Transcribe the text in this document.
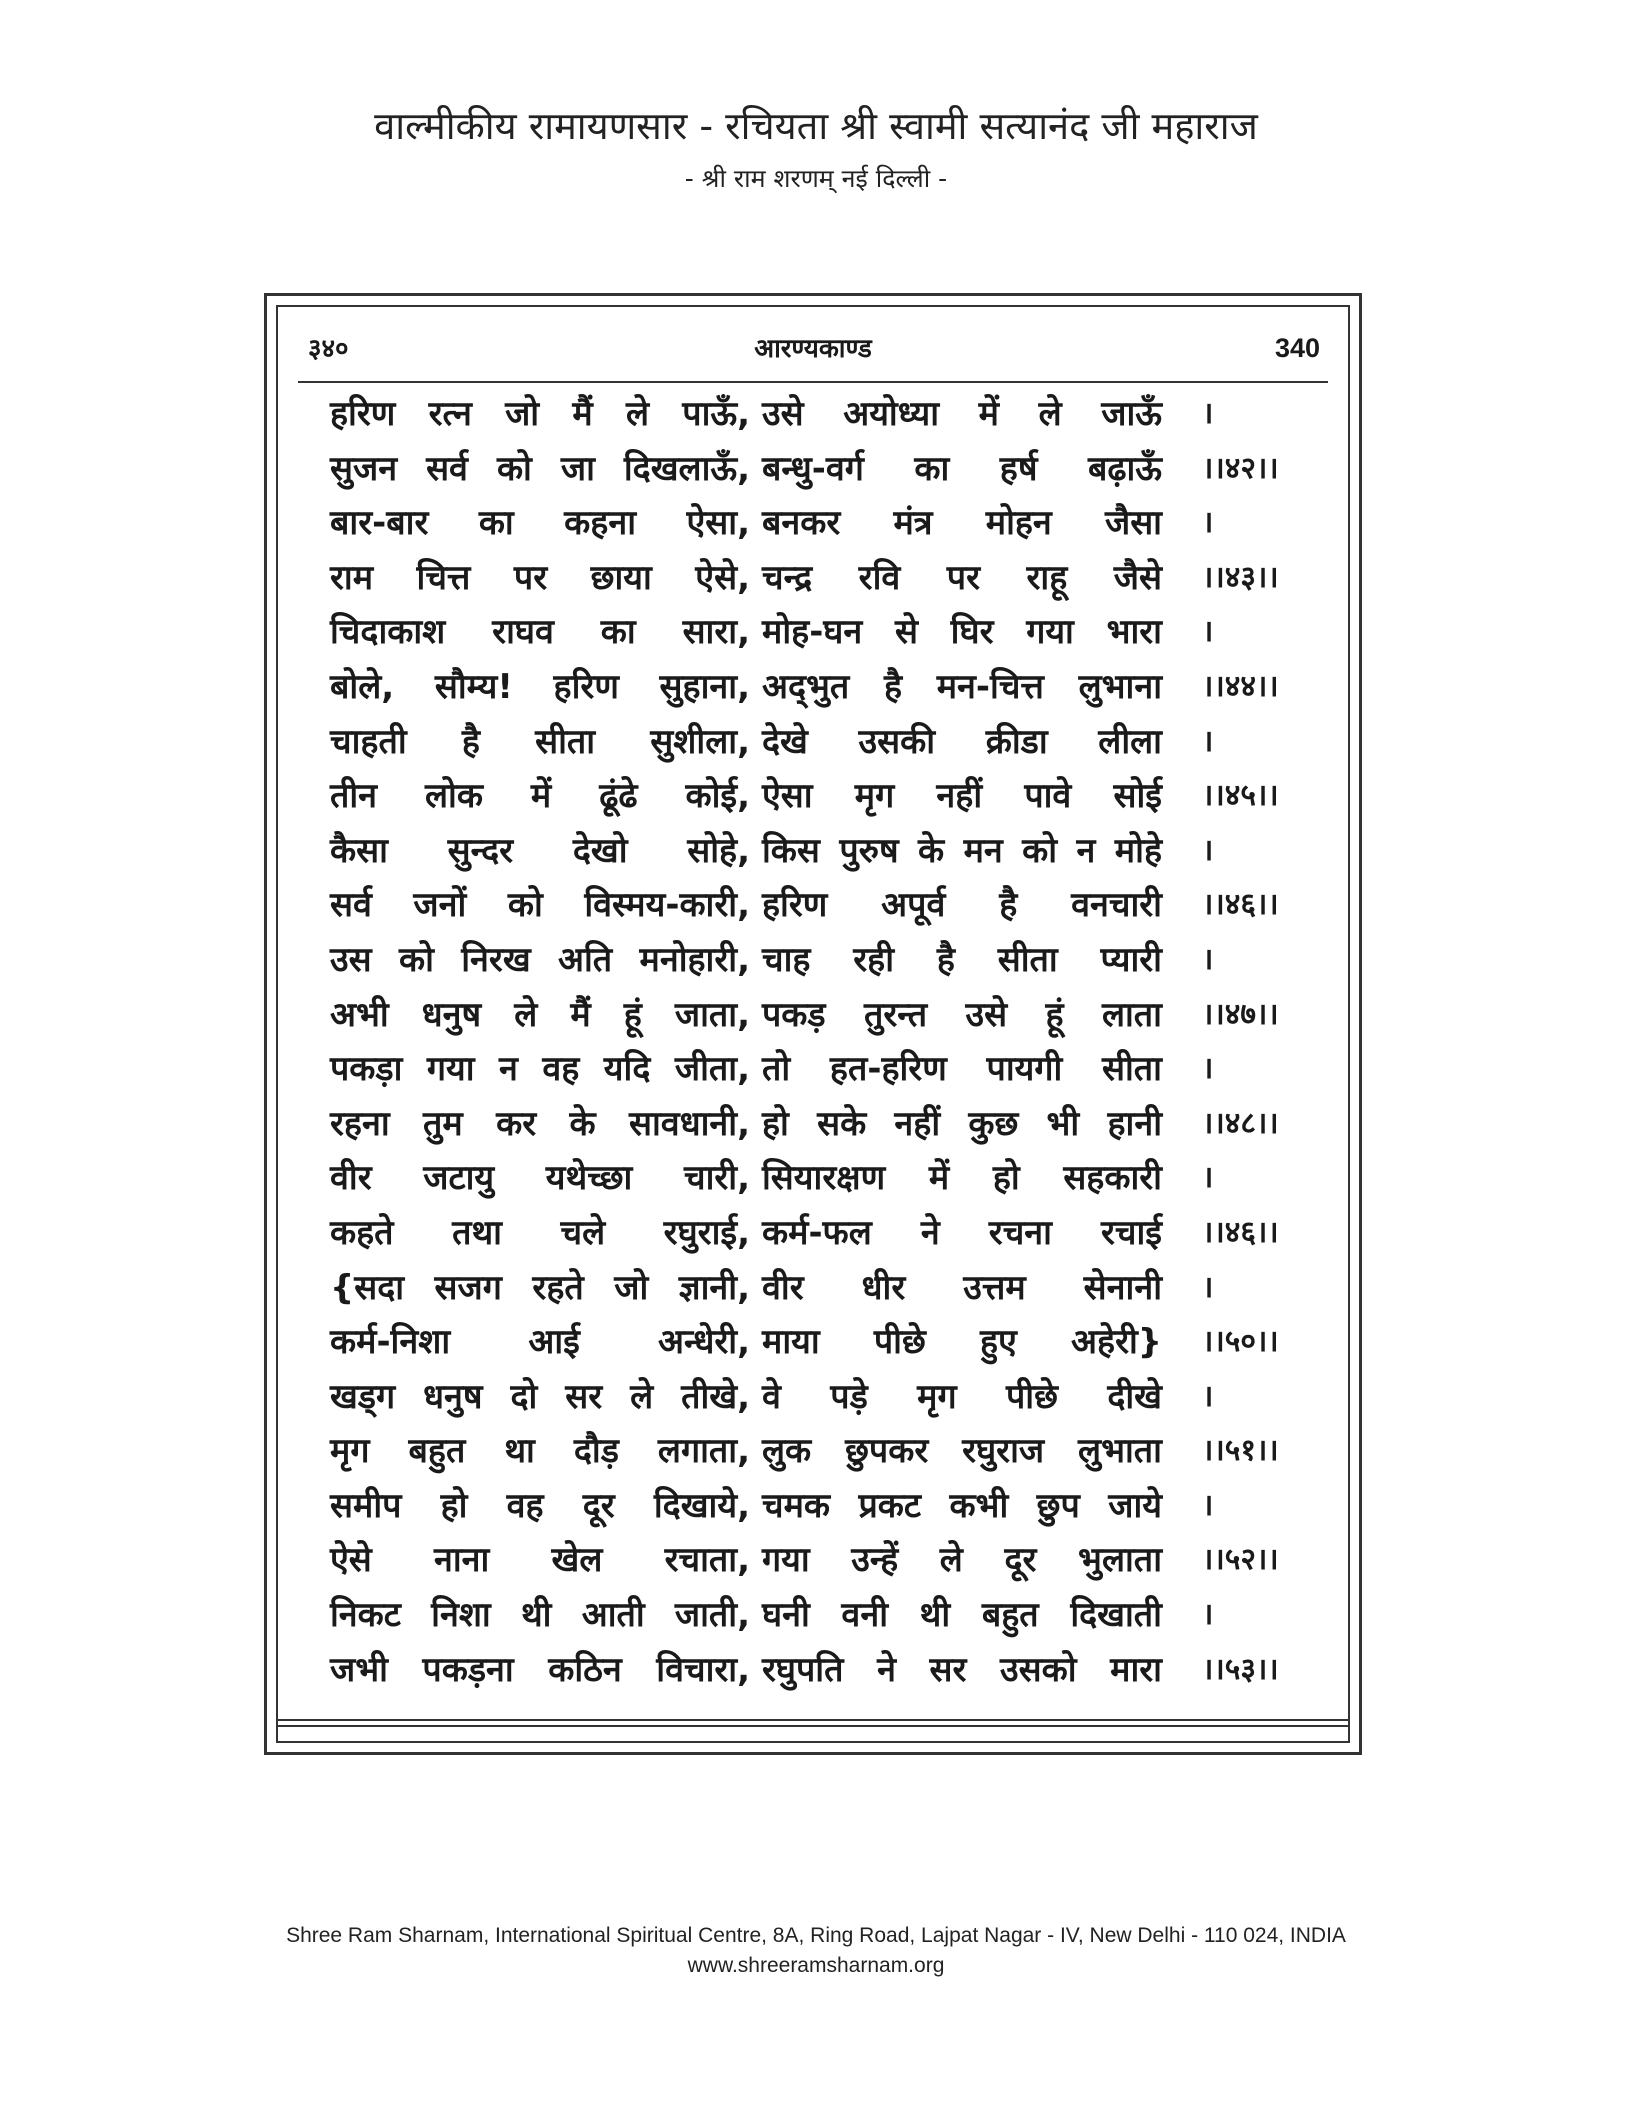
वाल्मीकीय रामायणसार - रचियता श्री स्वामी सत्यानंद जी महाराज
- श्री राम शरणम् नई दिल्ली -
३४०	आरण्यकाण्ड	340
हरिण रत्न जो मैं ले पाऊँ, उसे अयोध्या में ले जाऊँ ।
सुजन सर्व को जा दिखलाऊँ, बन्धु-वर्ग का हर्ष बढ़ाऊँ ।।४२।।
बार-बार का कहना ऐसा, बनकर मंत्र मोहन जैसा ।
राम चित्त पर छाया ऐसे, चन्द्र रवि पर राहू जैसे ।।४३।।
चिदाकाश राघव का सारा, मोह-घन से घिर गया भारा ।
बोले, सौम्य! हरिण सुहाना, अद्‌भुत है मन-चित्त लुभाना ।।४४।।
चाहती है सीता सुशीला, देखे उसकी क्रीडा लीला ।
तीन लोक में ढूंढे कोई, ऐसा मृग नहीं पावे सोई ।।४५।।
कैसा सुन्दर देखो सोहे, किस पुरुष के मन को न मोहे ।
सर्व जनों को विस्मय-कारी, हरिण अपूर्व है वनचारी ।।४६।।
उस को निरख अति मनोहारी, चाह रही है सीता प्यारी ।
अभी धनुष ले मैं हूं जाता, पकड़ तुरन्त उसे हूं लाता ।।४७।।
पकड़ा गया न वह यदि जीता, तो हत-हरिण पायगी सीता ।
रहना तुम कर के सावधानी, हो सके नहीं कुछ भी हानी ।।४८।।
वीर जटायु यथेच्छा चारी, सियारक्षण में हो सहकारी ।
कहते तथा चले रघुराई, कर्म-फल ने रचना रचाई ।।४६।।
{सदा सजग रहते जो ज्ञानी, वीर धीर उत्तम सेनानी ।
कर्म-निशा आई अन्धेरी, माया पीछे हुए अहेरी} ।।५०।।
खड्ग धनुष दो सर ले तीखे, वे पड़े मृग पीछे दीखे ।
मृग बहुत था दौड़ लगाता, लुक छुपकर रघुराज लुभाता ।।५१।।
समीप हो वह दूर दिखाये, चमक प्रकट कभी छुप जाये ।
ऐसे नाना खेल रचाता, गया उन्हें ले दूर भुलाता ।।५२।।
निकट निशा थी आती जाती, घनी वनी थी बहुत दिखाती ।
जभी पकड़ना कठिन विचारा, रघुपति ने सर उसको मारा ।।५३।।
Shree Ram Sharnam, International Spiritual Centre, 8A, Ring Road, Lajpat Nagar - IV, New Delhi - 110 024, INDIA
www.shreeramsharnam.org
